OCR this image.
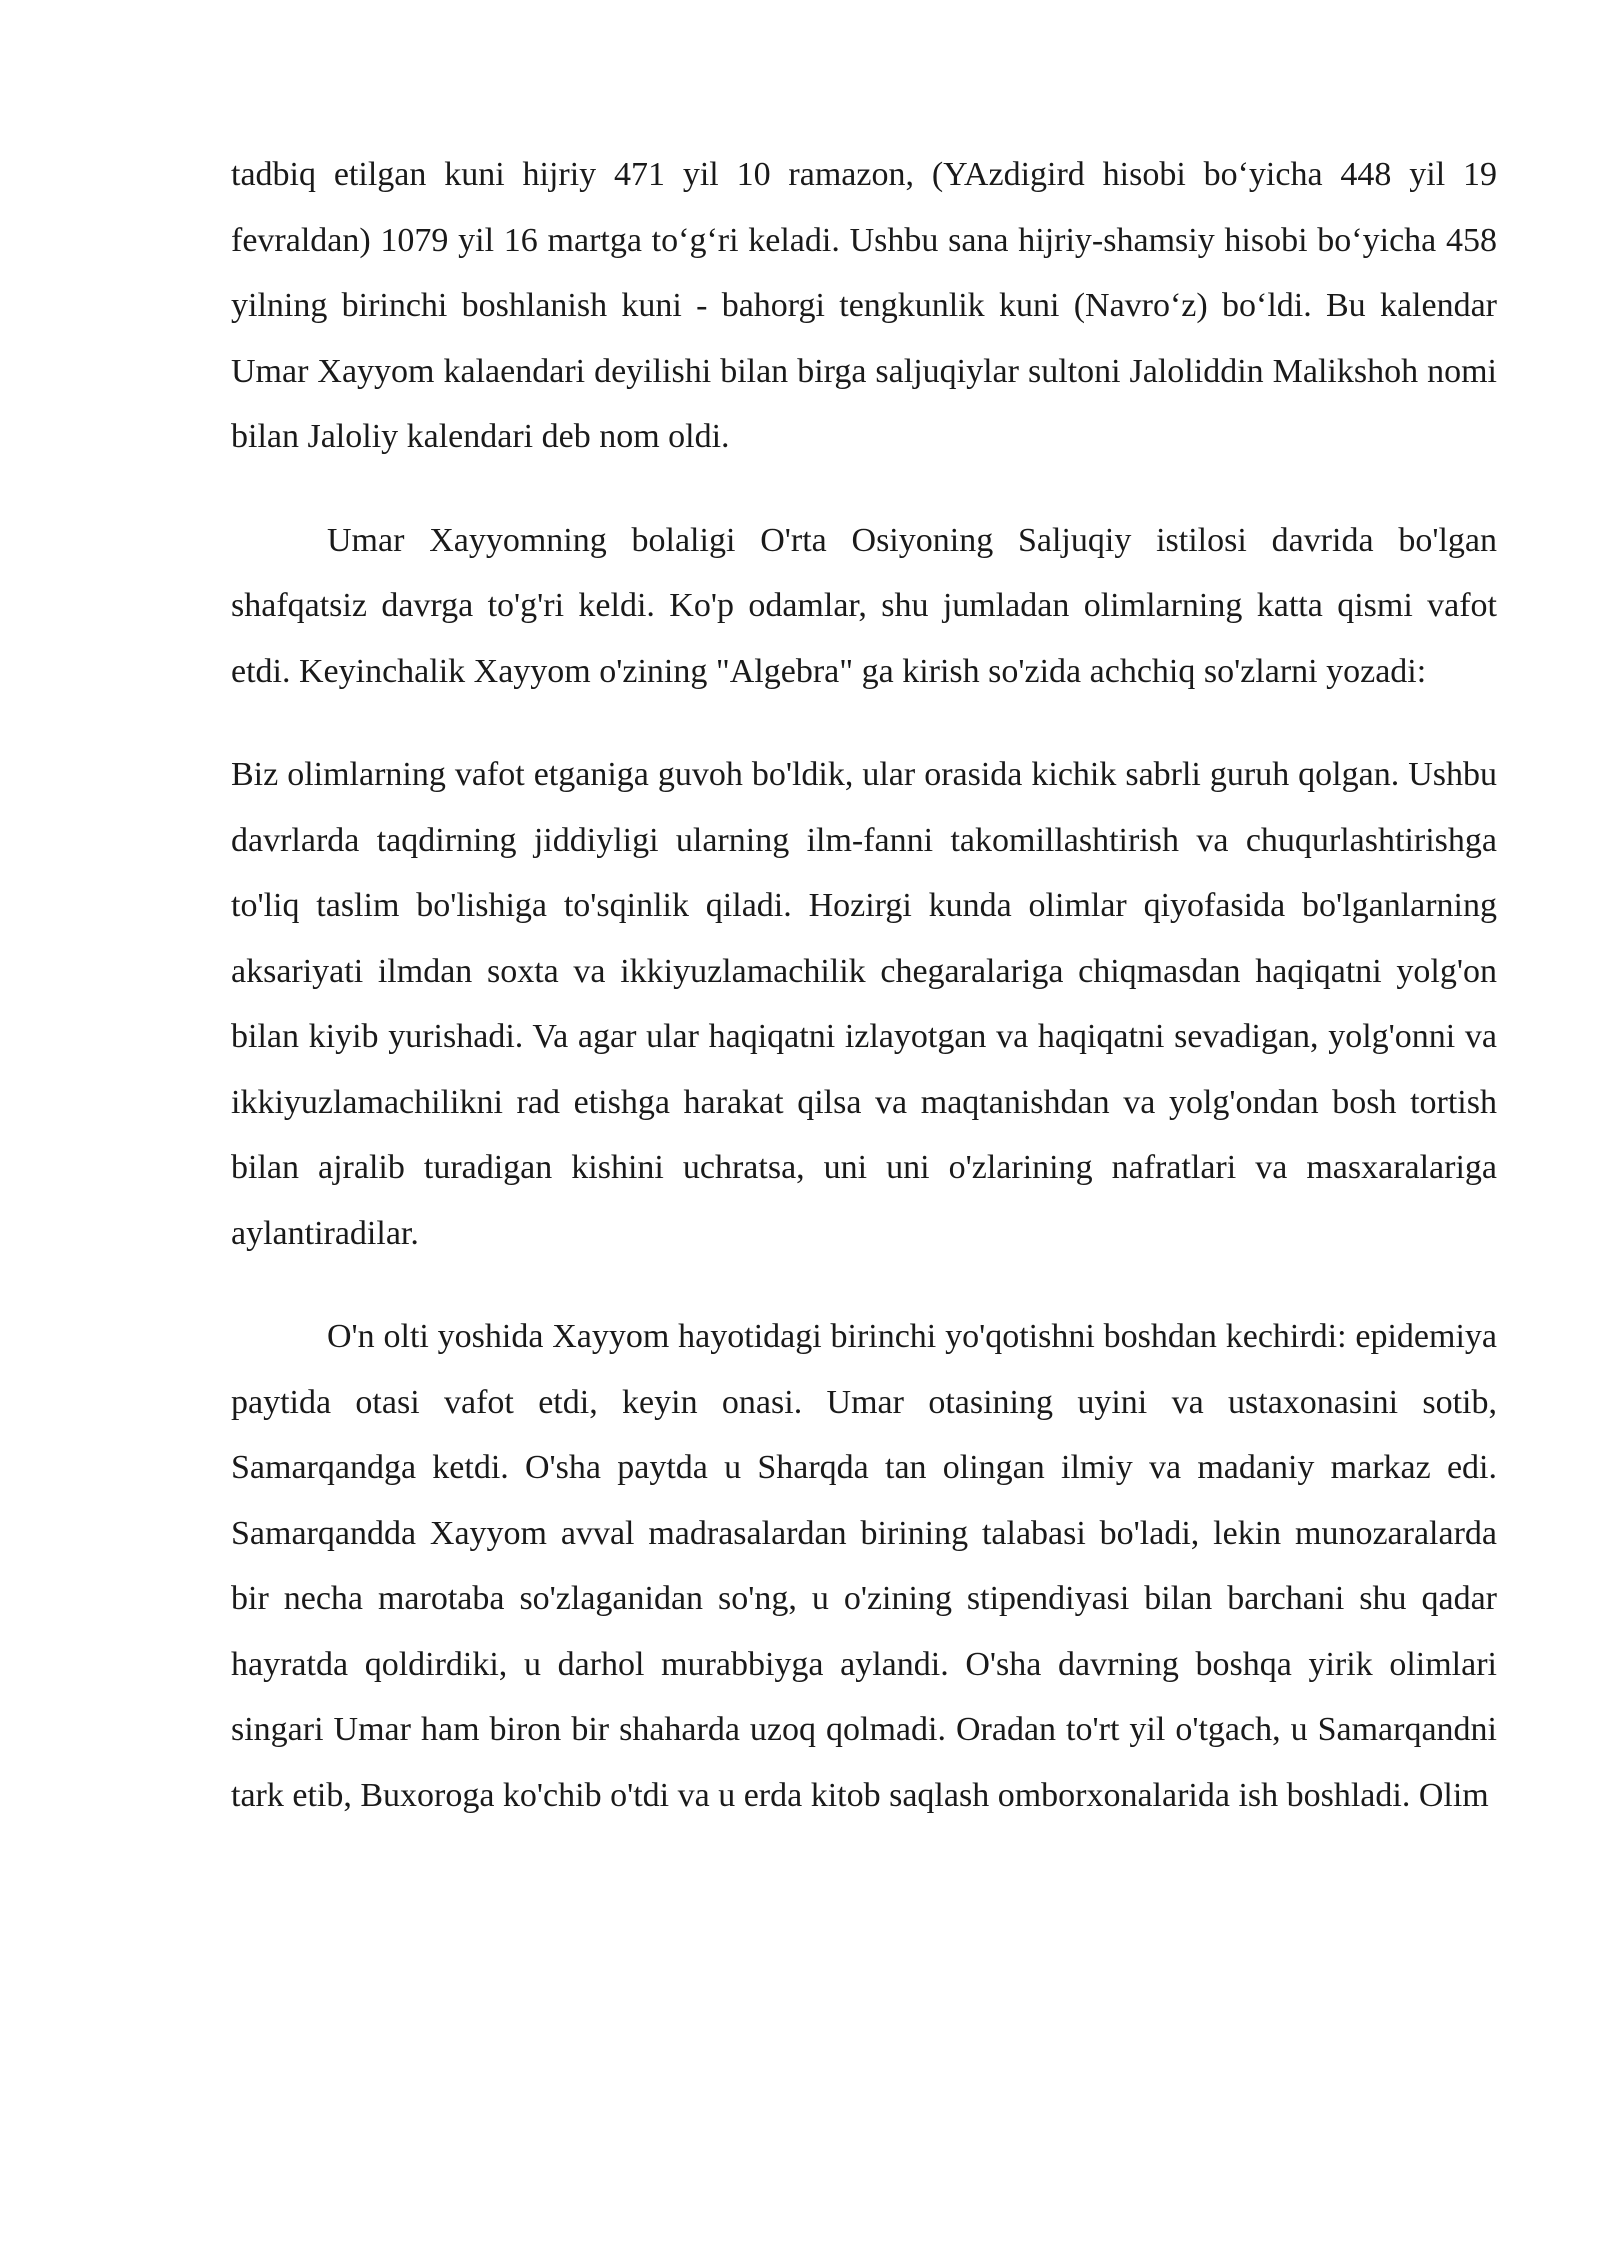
tadbiq etilgan kuni hijriy 471 yil 10 ramazon, (YAzdigird hisobi boʻyicha 448 yil 19 fevraldan) 1079 yil 16 martga toʻgʻri keladi. Ushbu sana hijriy-shamsiy hisobi boʻyicha 458 yilning birinchi boshlanish kuni - bahorgi tengkunlik kuni (Navroʻz) boʻldi. Bu kalendar Umar Xayyom kalaendari deyilishi bilan birga saljuqiylar sultoni Jaloliddin Malikshoh nomi bilan Jaloliy kalendari deb nom oldi.

Umar Xayyomning bolaligi O'rta Osiyoning Saljuqiy istilosi davrida bo'lgan shafqatsiz davrga to'g'ri keldi. Ko'p odamlar, shu jumladan olimlarning katta qismi vafot etdi. Keyinchalik Xayyom o'zining "Algebra" ga kirish so'zida achchiq so'zlarni yozadi:

Biz olimlarning vafot etganiga guvoh bo'ldik, ular orasida kichik sabrli guruh qolgan. Ushbu davrlarda taqdirning jiddiyligi ularning ilm-fanni takomillashtirish va chuqurlashtirishga to'liq taslim bo'lishiga to'sqinlik qiladi. Hozirgi kunda olimlar qiyofasida bo'lganlarning aksariyati ilmdan soxta va ikkiyuzlamachilik chegaralariga chiqmasdan haqiqatni yolg'on bilan kiyib yurishadi. Va agar ular haqiqatni izlayotgan va haqiqatni sevadigan, yolg'onni va ikkiyuzlamachilikni rad etishga harakat qilsa va maqtanishdan va yolg'ondan bosh tortish bilan ajralib turadigan kishini uchratsa, uni uni o'zlarining nafratlari va masxaralariga aylantiradilar.

O'n olti yoshida Xayyom hayotidagi birinchi yo'qotishni boshdan kechirdi: epidemiya paytida otasi vafot etdi, keyin onasi. Umar otasining uyini va ustaxonasini sotib, Samarqandga ketdi. O'sha paytda u Sharqda tan olingan ilmiy va madaniy markaz edi. Samarqandda Xayyom avval madrasalardan birining talabasi bo'ladi, lekin munozaralarda bir necha marotaba so'zlaganidan so'ng, u o'zining stipendiyasi bilan barchani shu qadar hayratda qoldirdiki, u darhol murabbiyga aylandi. O'sha davrning boshqa yirik olimlari singari Umar ham biron bir shaharda uzoq qolmadi. Oradan to'rt yil o'tgach, u Samarqandni tark etib, Buxoroga ko'chib o'tdi va u erda kitob saqlash omborxonalarida ish boshladi. Olim
